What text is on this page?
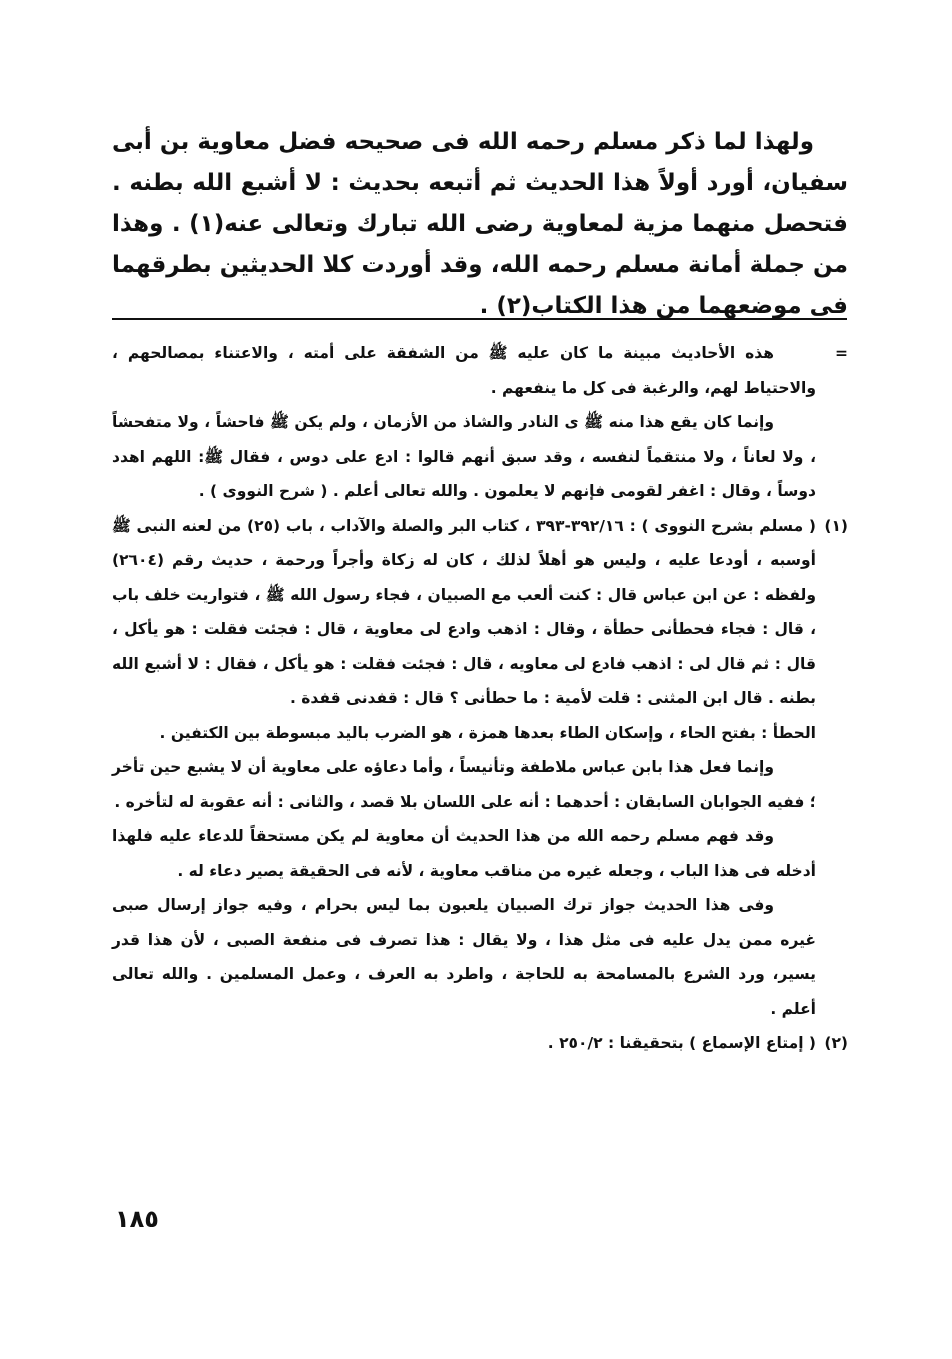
ولهذا لما ذكر مسلم رحمه الله فى صحيحه فضل معاوية بن أبى سفيان، أورد أولاً هذا الحديث ثم أتبعه بحديث : لا أشبع الله بطنه . فتحصل منهما مزية لمعاوية رضى الله تبارك وتعالى عنه(١) . وهذا من جملة أمانة مسلم رحمه الله، وقد أوردت كلا الحديثين بطرقهما فى موضعهما من هذا الكتاب(٢) .

=

هذه الأحاديث مبينة ما كان عليه ﷺ من الشفقة على أمته ، والاعتناء بمصالحهم ، والاحتياط لهم، والرغبة فى كل ما ينفعهم .

وإنما كان يقع هذا منه ﷺ ى النادر والشاذ من الأزمان ، ولم يكن ﷺ فاحشاً ، ولا متفحشاً ، ولا لعاناً ، ولا منتقماً لنفسه ، وقد سبق أنهم قالوا : ادع على دوس ، فقال ﷺ: اللهم اهدد دوساً ، وقال : اغفر لقومى فإنهم لا يعلمون . والله تعالى أعلم . ( شرح النووى ) .

(١)

( مسلم بشرح النووى ) : ٣٩٢/١٦-٣٩٣ ، كتاب البر والصلة والآداب ، باب (٢٥) من لعنه النبى ﷺ أوسبه ، أودعا عليه ، وليس هو أهلاً لذلك ، كان له زكاة وأجراً ورحمة ، حديث رقم (٢٦٠٤) ولفظه : عن ابن عباس قال : كنت ألعب مع الصبيان ، فجاء رسول الله ﷺ ، فتواريت خلف باب ، قال : فجاء فحطأنى حطأة ، وقال : اذهب وادع لى معاوية ، قال : فجئت فقلت : هو يأكل ، قال : ثم قال لى : اذهب فادع لى معاويه ، قال : فجئت فقلت : هو يأكل ، فقال : لا أشبع الله بطنه . قال ابن المثنى : قلت لأمية : ما حطأنى ؟ قال : قفدنى قفدة .

الحطأ : بفتح الحاء ، وإسكان الطاء بعدها همزة ، هو الضرب باليد مبسوطة بين الكتفين .

وإنما فعل هذا بابن عباس ملاطفة وتأنيساً ، وأما دعاؤه على معاوية أن لا يشبع حين تأخر ؛ ففيه الجوابان السابقان : أحدهما : أنه على اللسان بلا قصد ، والثانى : أنه عقوبة له لتأخره .

وقد فهم مسلم رحمه الله من هذا الحديث أن معاوية لم يكن مستحقاً للدعاء عليه فلهذا أدخله فى هذا الباب ، وجعله غيره من مناقب معاوية ، لأنه فى الحقيقة يصير دعاء له .

وفى هذا الحديث جواز ترك الصبيان يلعبون بما ليس بحرام ، وفيه جواز إرسال صبى غيره ممن يدل عليه فى مثل هذا ، ولا يقال : هذا تصرف فى منفعة الصبى ، لأن هذا قدر يسير، ورد الشرع بالمسامحة به للحاجة ، واطرد به العرف ، وعمل المسلمين . والله تعالى أعلم .

(٢)

( إمتاع الإسماع ) بتحقيقنا : ٢٥٠/٢ .

١٨٥
